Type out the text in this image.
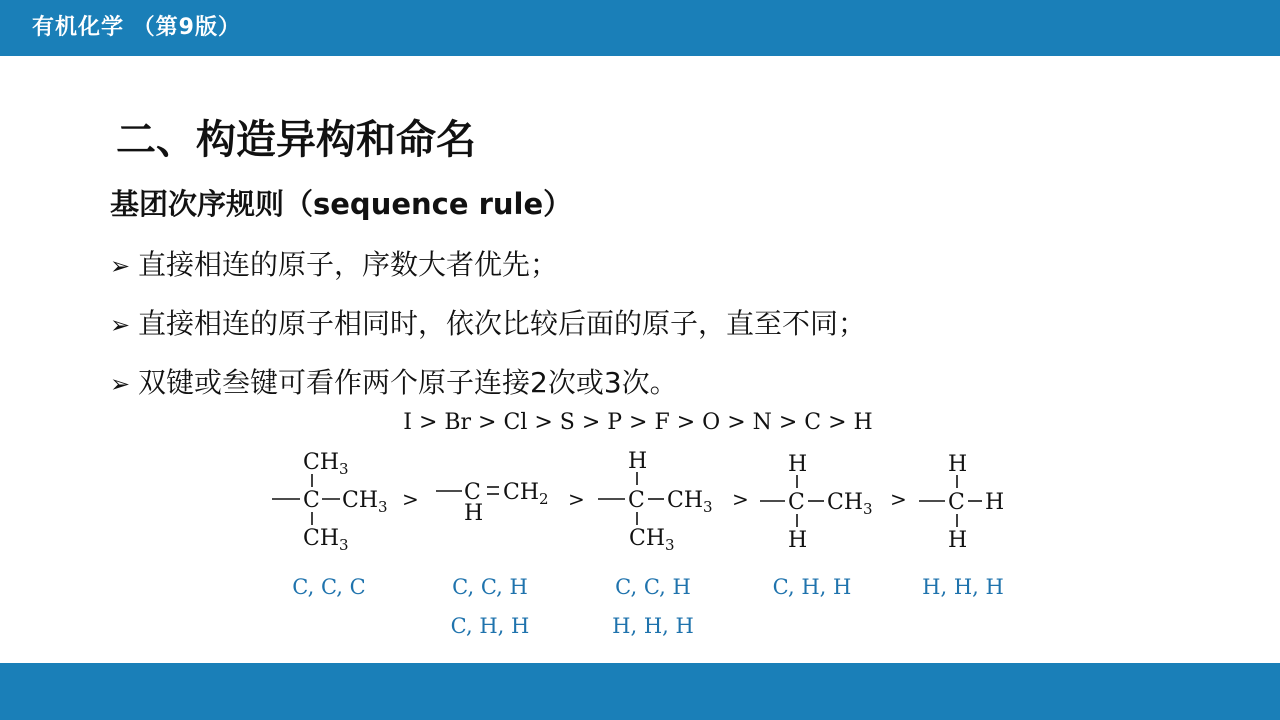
有机化学 （第9版）
二、构造异构和命名
基团次序规则（sequence rule）
➢ 直接相连的原子，序数大者优先；
➢ 直接相连的原子相同时，依次比较后面的原子，直至不同；
➢ 双键或叁键可看作两个原子连接2次或3次。
I > Br > Cl > S > P > F > O > N > C > H
$CH_3$
C $CH_3$
$CH_3$
> C $CH_2$
H
>
H
C $CH_3$
$CH_3$
>
H
C $CH_3$
H
>
H
C H
H
C, C, C	C, C, H
C, H, H
C, C, H
H, H, H
C, H, H	H, H, H
